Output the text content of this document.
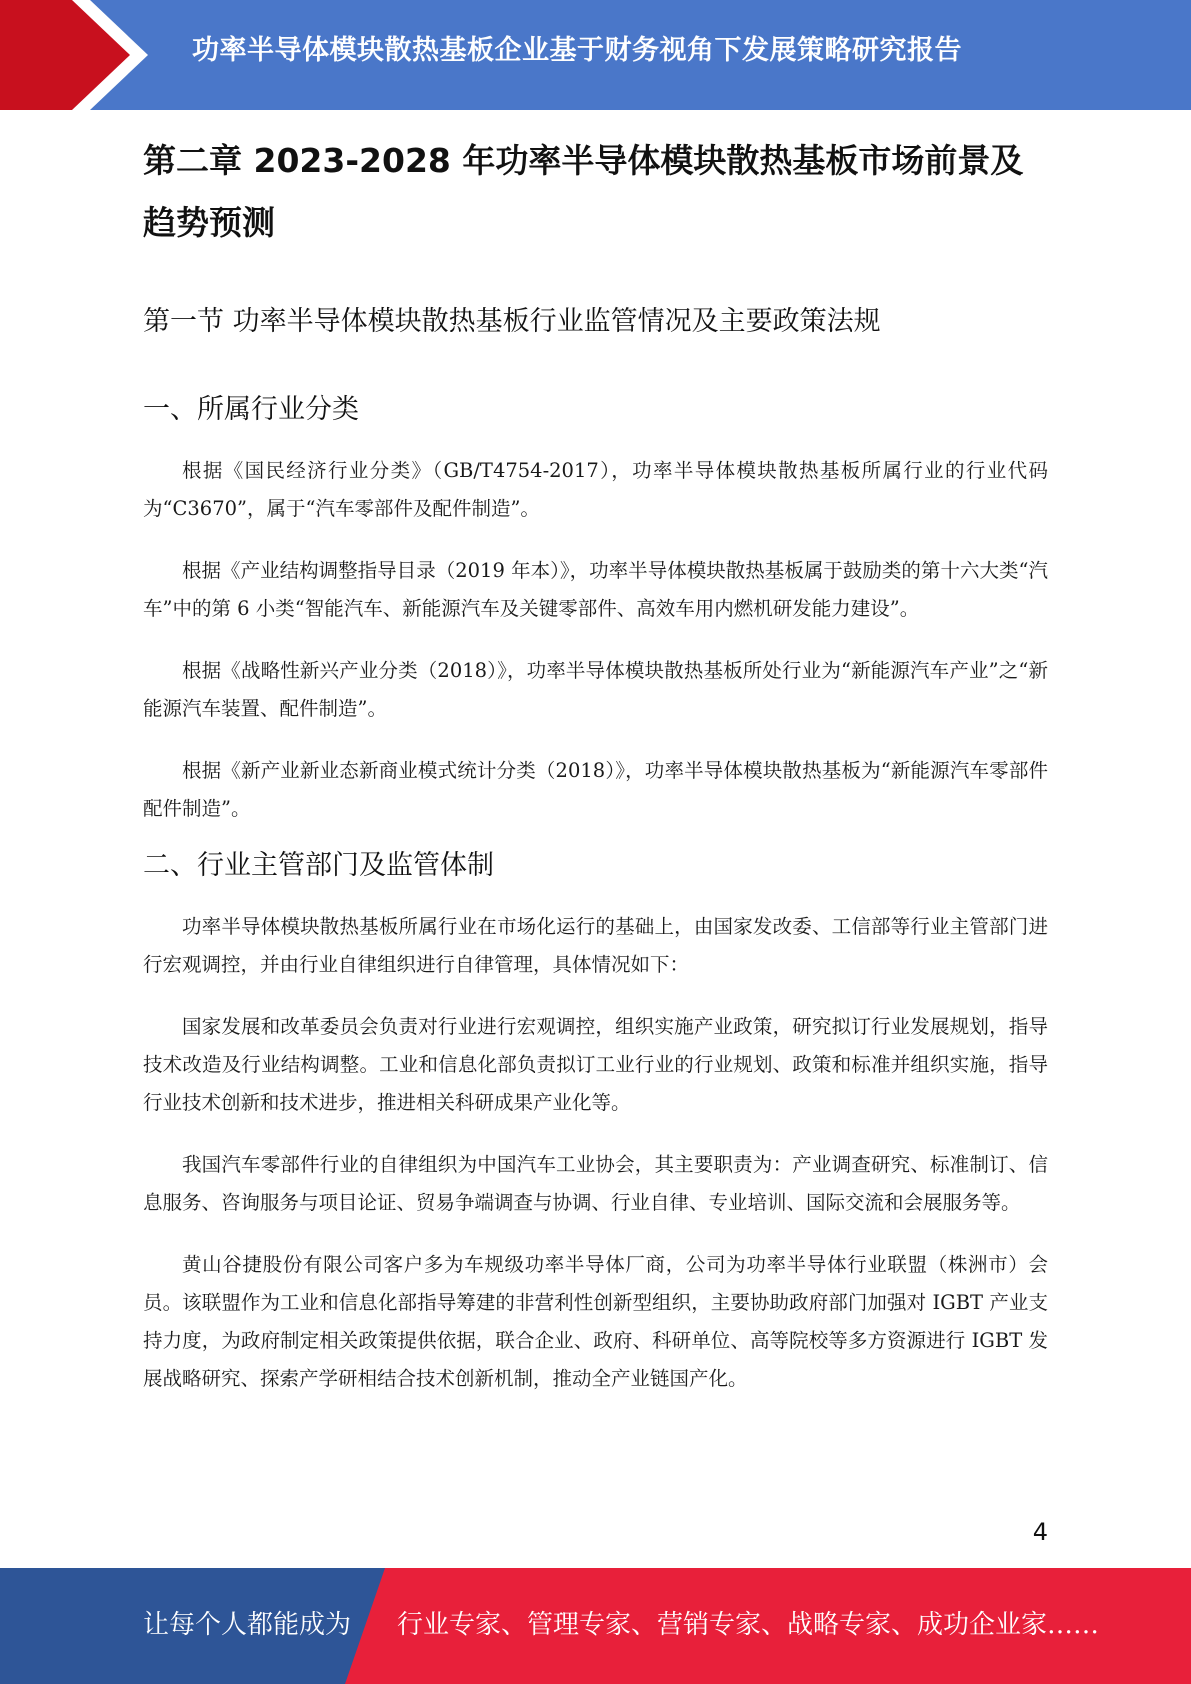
功率半导体模块散热基板企业基于财务视角下发展策略研究报告
第二章 2023-2028 年功率半导体模块散热基板市场前景及趋势预测
第一节 功率半导体模块散热基板行业监管情况及主要政策法规
一、所属行业分类

根据《国民经济行业分类》（GB/T4754-2017），功率半导体模块散热基板所属行业的行业代码为“C3670”，属于“汽车零部件及配件制造”。

根据《产业结构调整指导目录（2019 年本）》，功率半导体模块散热基板属于鼓励类的第十六大类“汽车”中的第 6 小类“智能汽车、新能源汽车及关键零部件、高效车用内燃机研发能力建设”。

根据《战略性新兴产业分类（2018）》，功率半导体模块散热基板所处行业为“新能源汽车产业”之“新能源汽车装置、配件制造”。

根据《新产业新业态新商业模式统计分类（2018）》，功率半导体模块散热基板为“新能源汽车零部件配件制造”。

二、行业主管部门及监管体制

功率半导体模块散热基板所属行业在市场化运行的基础上，由国家发改委、工信部等行业主管部门进行宏观调控，并由行业自律组织进行自律管理，具体情况如下：

国家发展和改革委员会负责对行业进行宏观调控，组织实施产业政策，研究拟订行业发展规划，指导技术改造及行业结构调整。工业和信息化部负责拟订工业行业的行业规划、政策和标准并组织实施，指导行业技术创新和技术进步，推进相关科研成果产业化等。

我国汽车零部件行业的自律组织为中国汽车工业协会，其主要职责为：产业调查研究、标准制订、信息服务、咨询服务与项目论证、贸易争端调查与协调、行业自律、专业培训、国际交流和会展服务等。

黄山谷捷股份有限公司客户多为车规级功率半导体厂商，公司为功率半导体行业联盟（株洲市）会员。该联盟作为工业和信息化部指导筹建的非营利性创新型组织，主要协助政府部门加强对 IGBT 产业支持力度，为政府制定相关政策提供依据，联合企业、政府、科研单位、高等院校等多方资源进行 IGBT 发展战略研究、探索产学研相结合技术创新机制，推动全产业链国产化。

4
让每个人都能成为 行业专家、管理专家、营销专家、战略专家、成功企业家……
